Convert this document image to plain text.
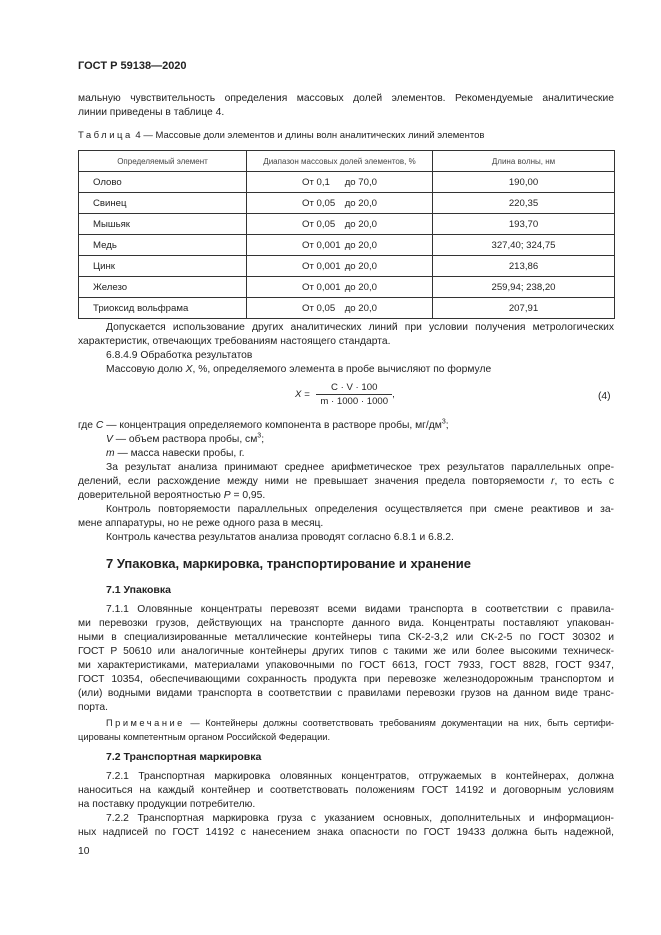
ГОСТ Р 59138—2020
мальную чувствительность определения массовых долей элементов. Рекомендуемые аналитические
линии приведены в таблице 4.
Таблица 4 — Массовые доли элементов и длины волн аналитических линий элементов
Определяемый элемент	Диапазон массовых долей элементов, %	Длина волны, нм
Олово	От 0,1 до 70,0	190,00
Свинец	От 0,05 до 20,0	220,35
Мышьяк	От 0,05 до 20,0	193,70
Медь	От 0,001 до 20,0	327,40; 324,75
Цинк	От 0,001 до 20,0	213,86
Железо	От 0,001 до 20,0	259,94; 238,20
Триоксид вольфрама	От 0,05 до 20,0	207,91
Допускается использование других аналитических линий при условии получения метрологических
характеристик, отвечающих требованиям настоящего стандарта.
6.8.4.9 Обработка результатов
Массовую долю X, %, определяемого элемента в пробе вычисляют по формуле
$X = \frac{C \cdot V \cdot 100}{m \cdot 1000 \cdot 1000}$ ,	(4)
где C — концентрация определяемого компонента в растворе пробы, $мг/дм^3$;
V — объем раствора пробы, $см^3$;
m — масса навески пробы, г.
За результат анализа принимают среднее арифметическое трех результатов параллельных опре-
делений, если расхождение между ними не превышает значения предела повторяемости r, то есть с
доверительной вероятностью P = 0,95.
Контроль повторяемости параллельных определения осуществляется при смене реактивов и за-
мене аппаратуры, но не реже одного раза в месяц.
Контроль качества результатов анализа проводят согласно 6.8.1 и 6.8.2.
7 Упаковка, маркировка, транспортирование и хранение
7.1 Упаковка
7.1.1 Оловянные концентраты перевозят всеми видами транспорта в соответствии с правила-
ми перевозки грузов, действующих на транспорте данного вида. Концентраты поставляют упакован-
ными в специализированные металлические контейнеры типа СК-2-3,2 или СК-2-5 по ГОСТ 30302 и
ГОСТ Р 50610 или аналогичные контейнеры других типов с такими же или более высокими техническ-
ми характеристиками, материалами упаковочными по ГОСТ 6613, ГОСТ 7933, ГОСТ 8828, ГОСТ 9347,
ГОСТ 10354, обеспечивающими сохранность продукта при перевозке железнодорожным транспортом и
(или) водными видами транспорта в соответствии с правилами перевозки грузов на данном виде транс-
порта.
Примечание — Контейнеры должны соответствовать требованиям документации на них, быть сертифи-
цированы компетентным органом Российской Федерации.
7.2 Транспортная маркировка
7.2.1 Транспортная маркировка оловянных концентратов, отгружаемых в контейнерах, должна
наноситься на каждый контейнер и соответствовать положениям ГОСТ 14192 и договорным условиям
на поставку продукции потребителю.
7.2.2 Транспортная маркировка груза с указанием основных, дополнительных и информацион-
ных надписей по ГОСТ 14192 с нанесением знака опасности по ГОСТ 19433 должна быть надежной,
10
